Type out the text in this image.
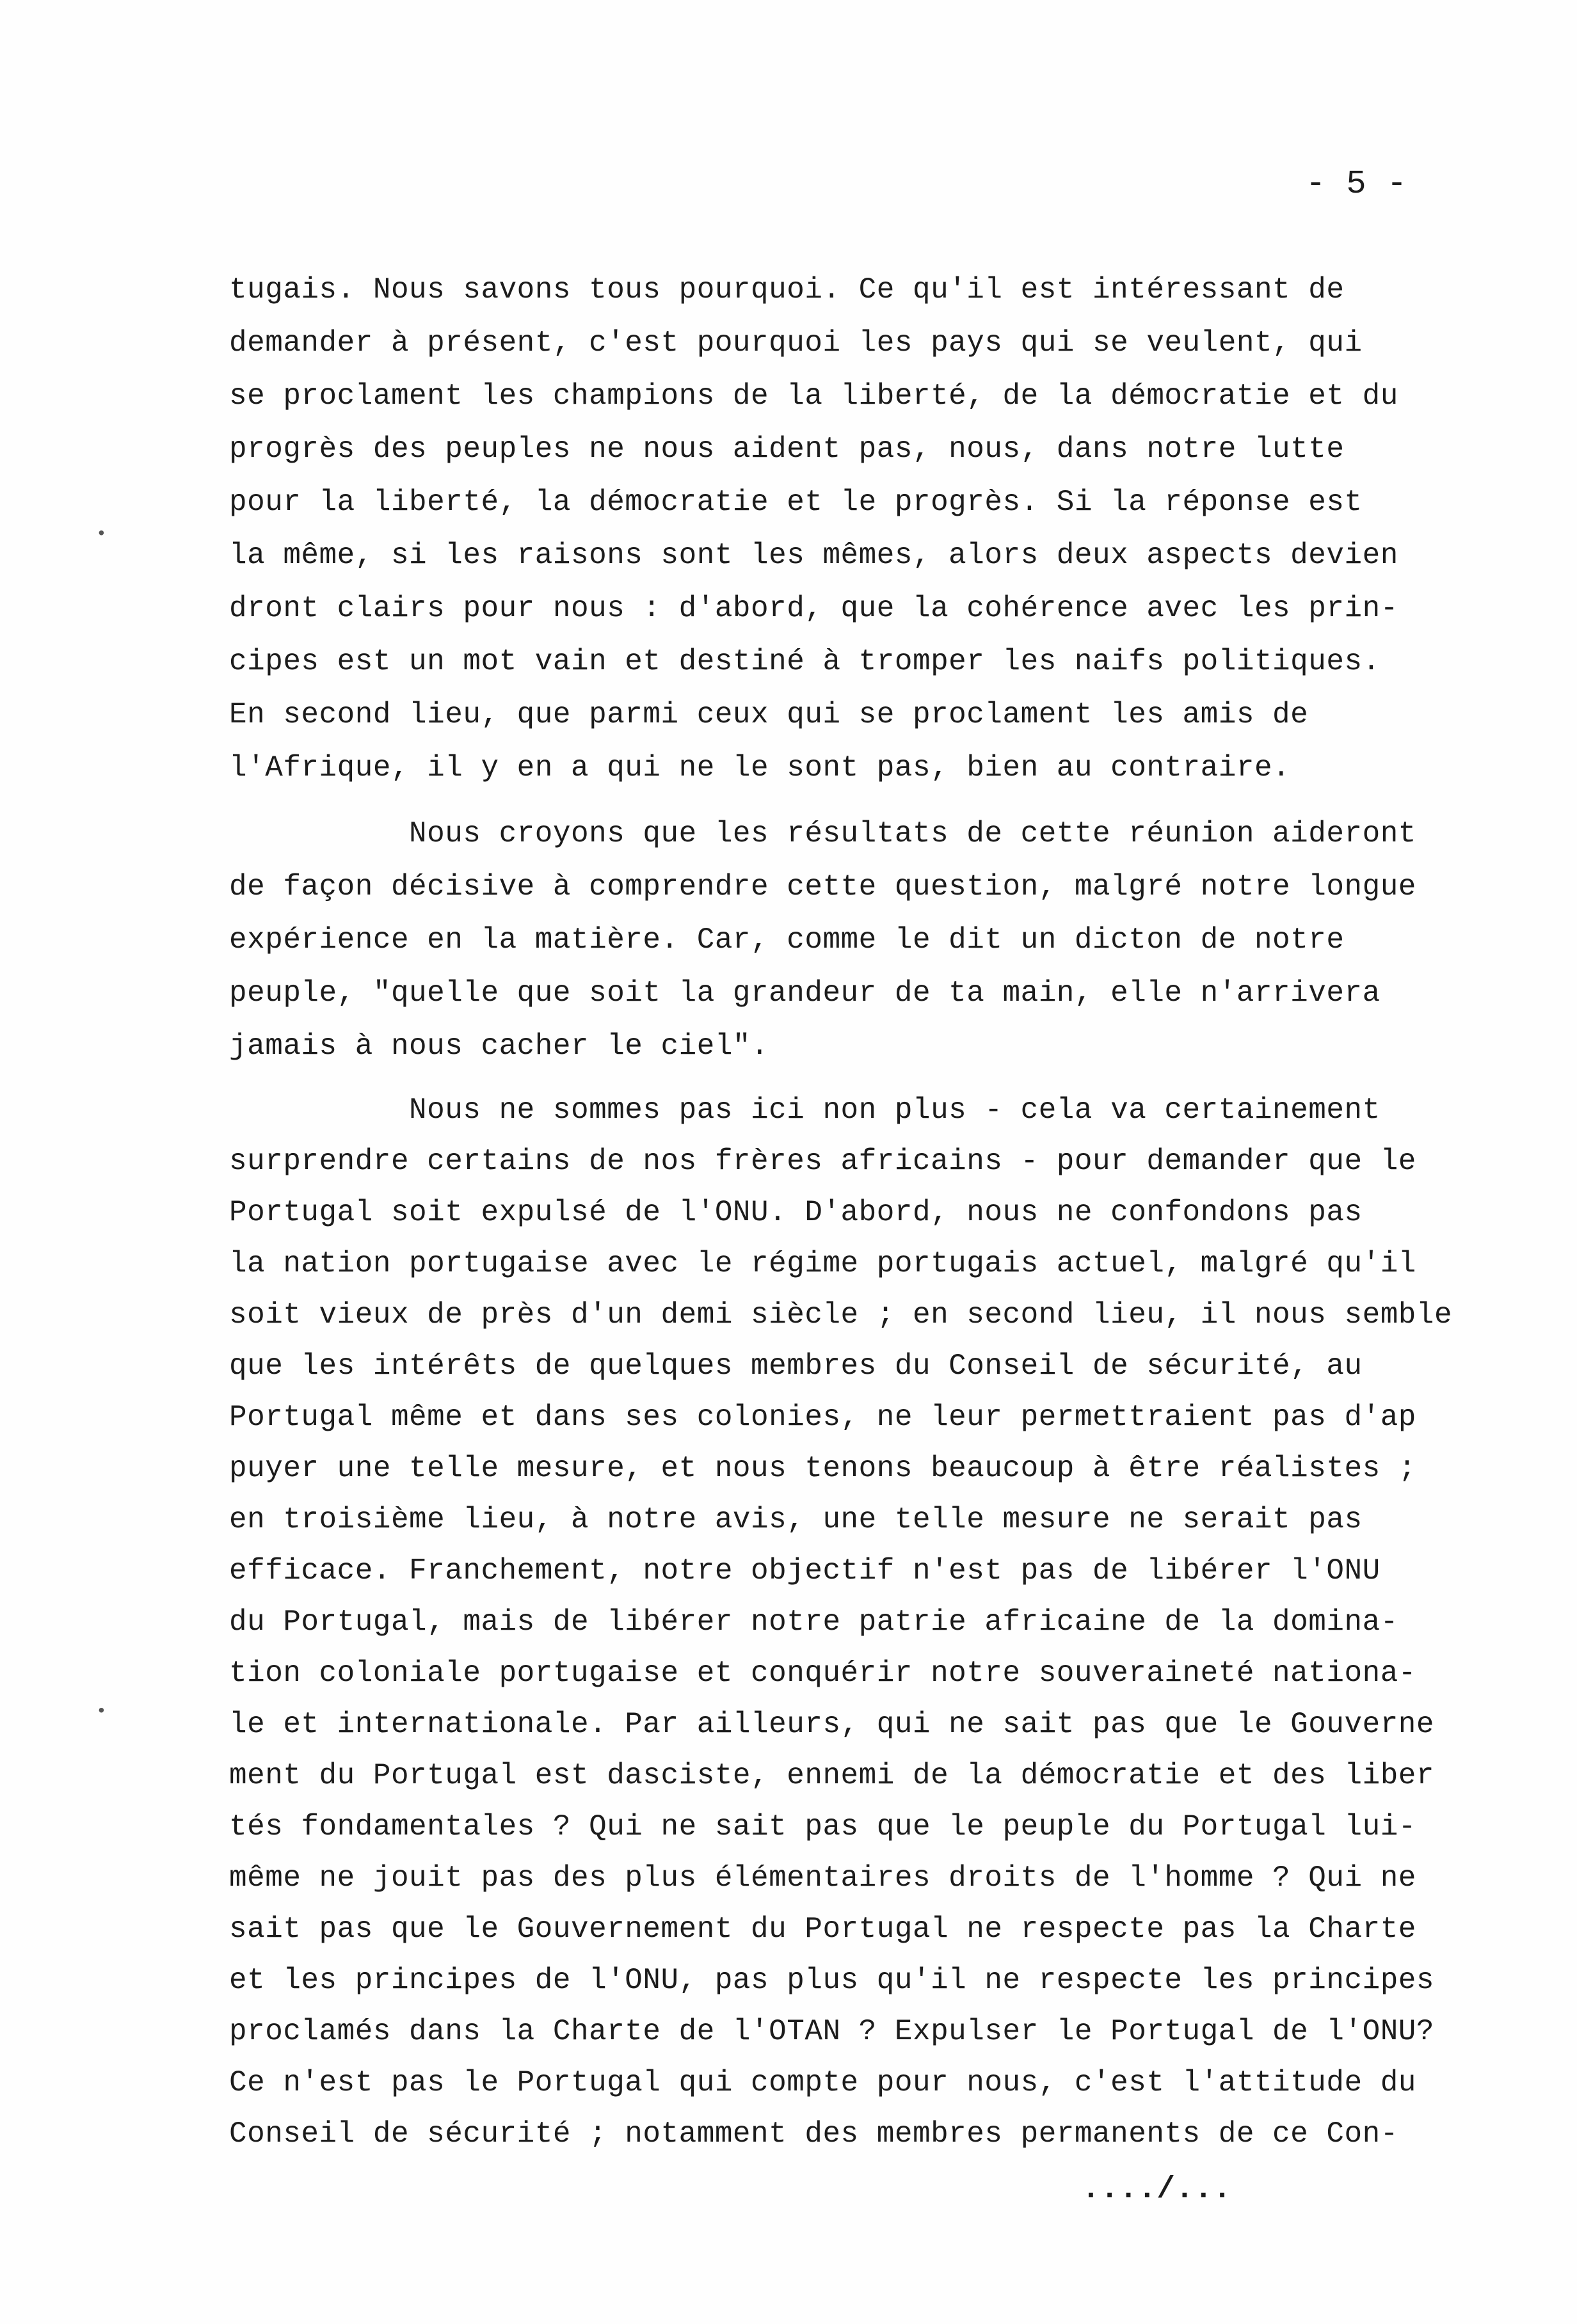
- 5 -
tugais. Nous savons tous pourquoi. Ce qu'il est intéressant de
demander à présent, c'est pourquoi les pays qui se veulent, qui
se proclament les champions de la liberté, de la démocratie et du
progrès des peuples ne nous aident pas, nous, dans notre lutte
pour la liberté, la démocratie et le progrès. Si la réponse est
la même, si les raisons sont les mêmes, alors deux aspects devien
dront clairs pour nous : d'abord, que la cohérence avec les prin-
cipes est un mot vain et destiné à tromper les naifs politiques.
En second lieu, que parmi ceux qui se proclament les amis de
l'Afrique, il y en a qui ne le sont pas, bien au contraire.
Nous croyons que les résultats de cette réunion aideront
de façon décisive à comprendre cette question, malgré notre longue
expérience en la matière. Car, comme le dit un dicton de notre
peuple, "quelle que soit la grandeur de ta main, elle n'arrivera
jamais à nous cacher le ciel".
Nous ne sommes pas ici non plus - cela va certainement
surprendre certains de nos frères africains - pour demander que le
Portugal soit expulsé de l'ONU. D'abord, nous ne confondons pas
la nation portugaise avec le régime portugais actuel, malgré qu'il
soit vieux de près d'un demi siècle ; en second lieu, il nous semble
que les intérêts de quelques membres du Conseil de sécurité, au
Portugal même et dans ses colonies, ne leur permettraient pas d'ap
puyer une telle mesure, et nous tenons beaucoup à être réalistes ;
en troisième lieu, à notre avis, une telle mesure ne serait pas
efficace. Franchement, notre objectif n'est pas de libérer l'ONU
du Portugal, mais de libérer notre patrie africaine de la domina-
tion coloniale portugaise et conquérir notre souveraineté nationa-
le et internationale. Par ailleurs, qui ne sait pas que le Gouverne
ment du Portugal est dasciste, ennemi de la démocratie et des liber
tés fondamentales ? Qui ne sait pas que le peuple du Portugal lui-
même ne jouit pas des plus élémentaires droits de l'homme ? Qui ne
sait pas que le Gouvernement du Portugal ne respecte pas la Charte
et les principes de l'ONU, pas plus qu'il ne respecte les principes
proclamés dans la Charte de l'OTAN ? Expulser le Portugal de l'ONU?
Ce n'est pas le Portugal qui compte pour nous, c'est l'attitude du
Conseil de sécurité ; notamment des membres permanents de ce Con-
..../...
•
•
